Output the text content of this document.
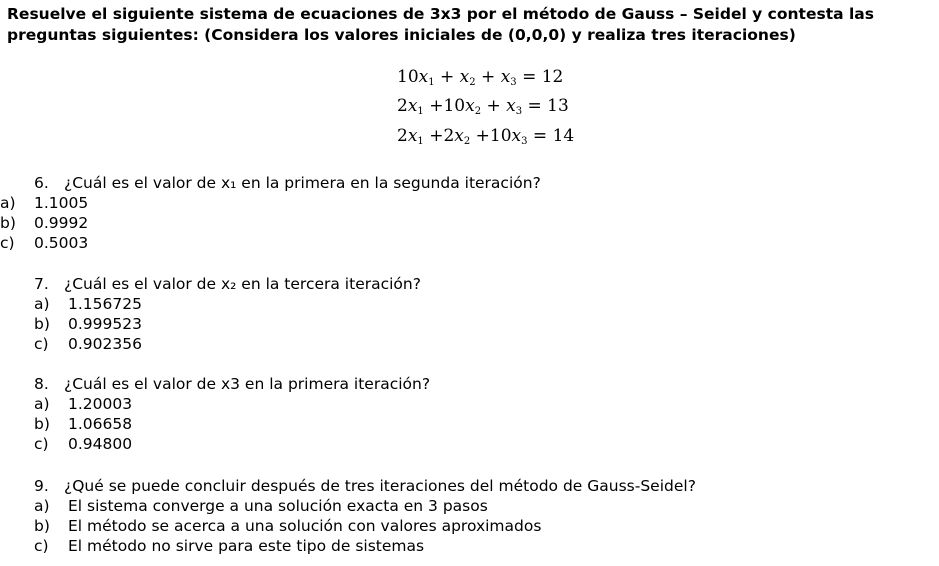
Resuelve el siguiente sistema de ecuaciones de 3x3 por el método de Gauss – Seidel y contesta las preguntas siguientes: (Considera los valores iniciales de (0,0,0) y realiza tres iteraciones)

$10x_1 + x_2 + x_3 = 12$
$2x_1 +10x_2 + x_3 = 13$
$2x_1 +2x_2 +10x_3 = 14$
6. ¿Cuál es el valor de x₁ en la primera en la segunda iteración?
a) 1.1005
b) 0.9992
c) 0.5003
7. ¿Cuál es el valor de x₂ en la tercera iteración?
a) 1.156725
b) 0.999523
c) 0.902356
8. ¿Cuál es el valor de x3 en la primera iteración?
a) 1.20003
b) 1.06658
c) 0.94800
9. ¿Qué se puede concluir después de tres iteraciones del método de Gauss-Seidel?
a) El sistema converge a una solución exacta en 3 pasos
b) El método se acerca a una solución con valores aproximados
c) El método no sirve para este tipo de sistemas
